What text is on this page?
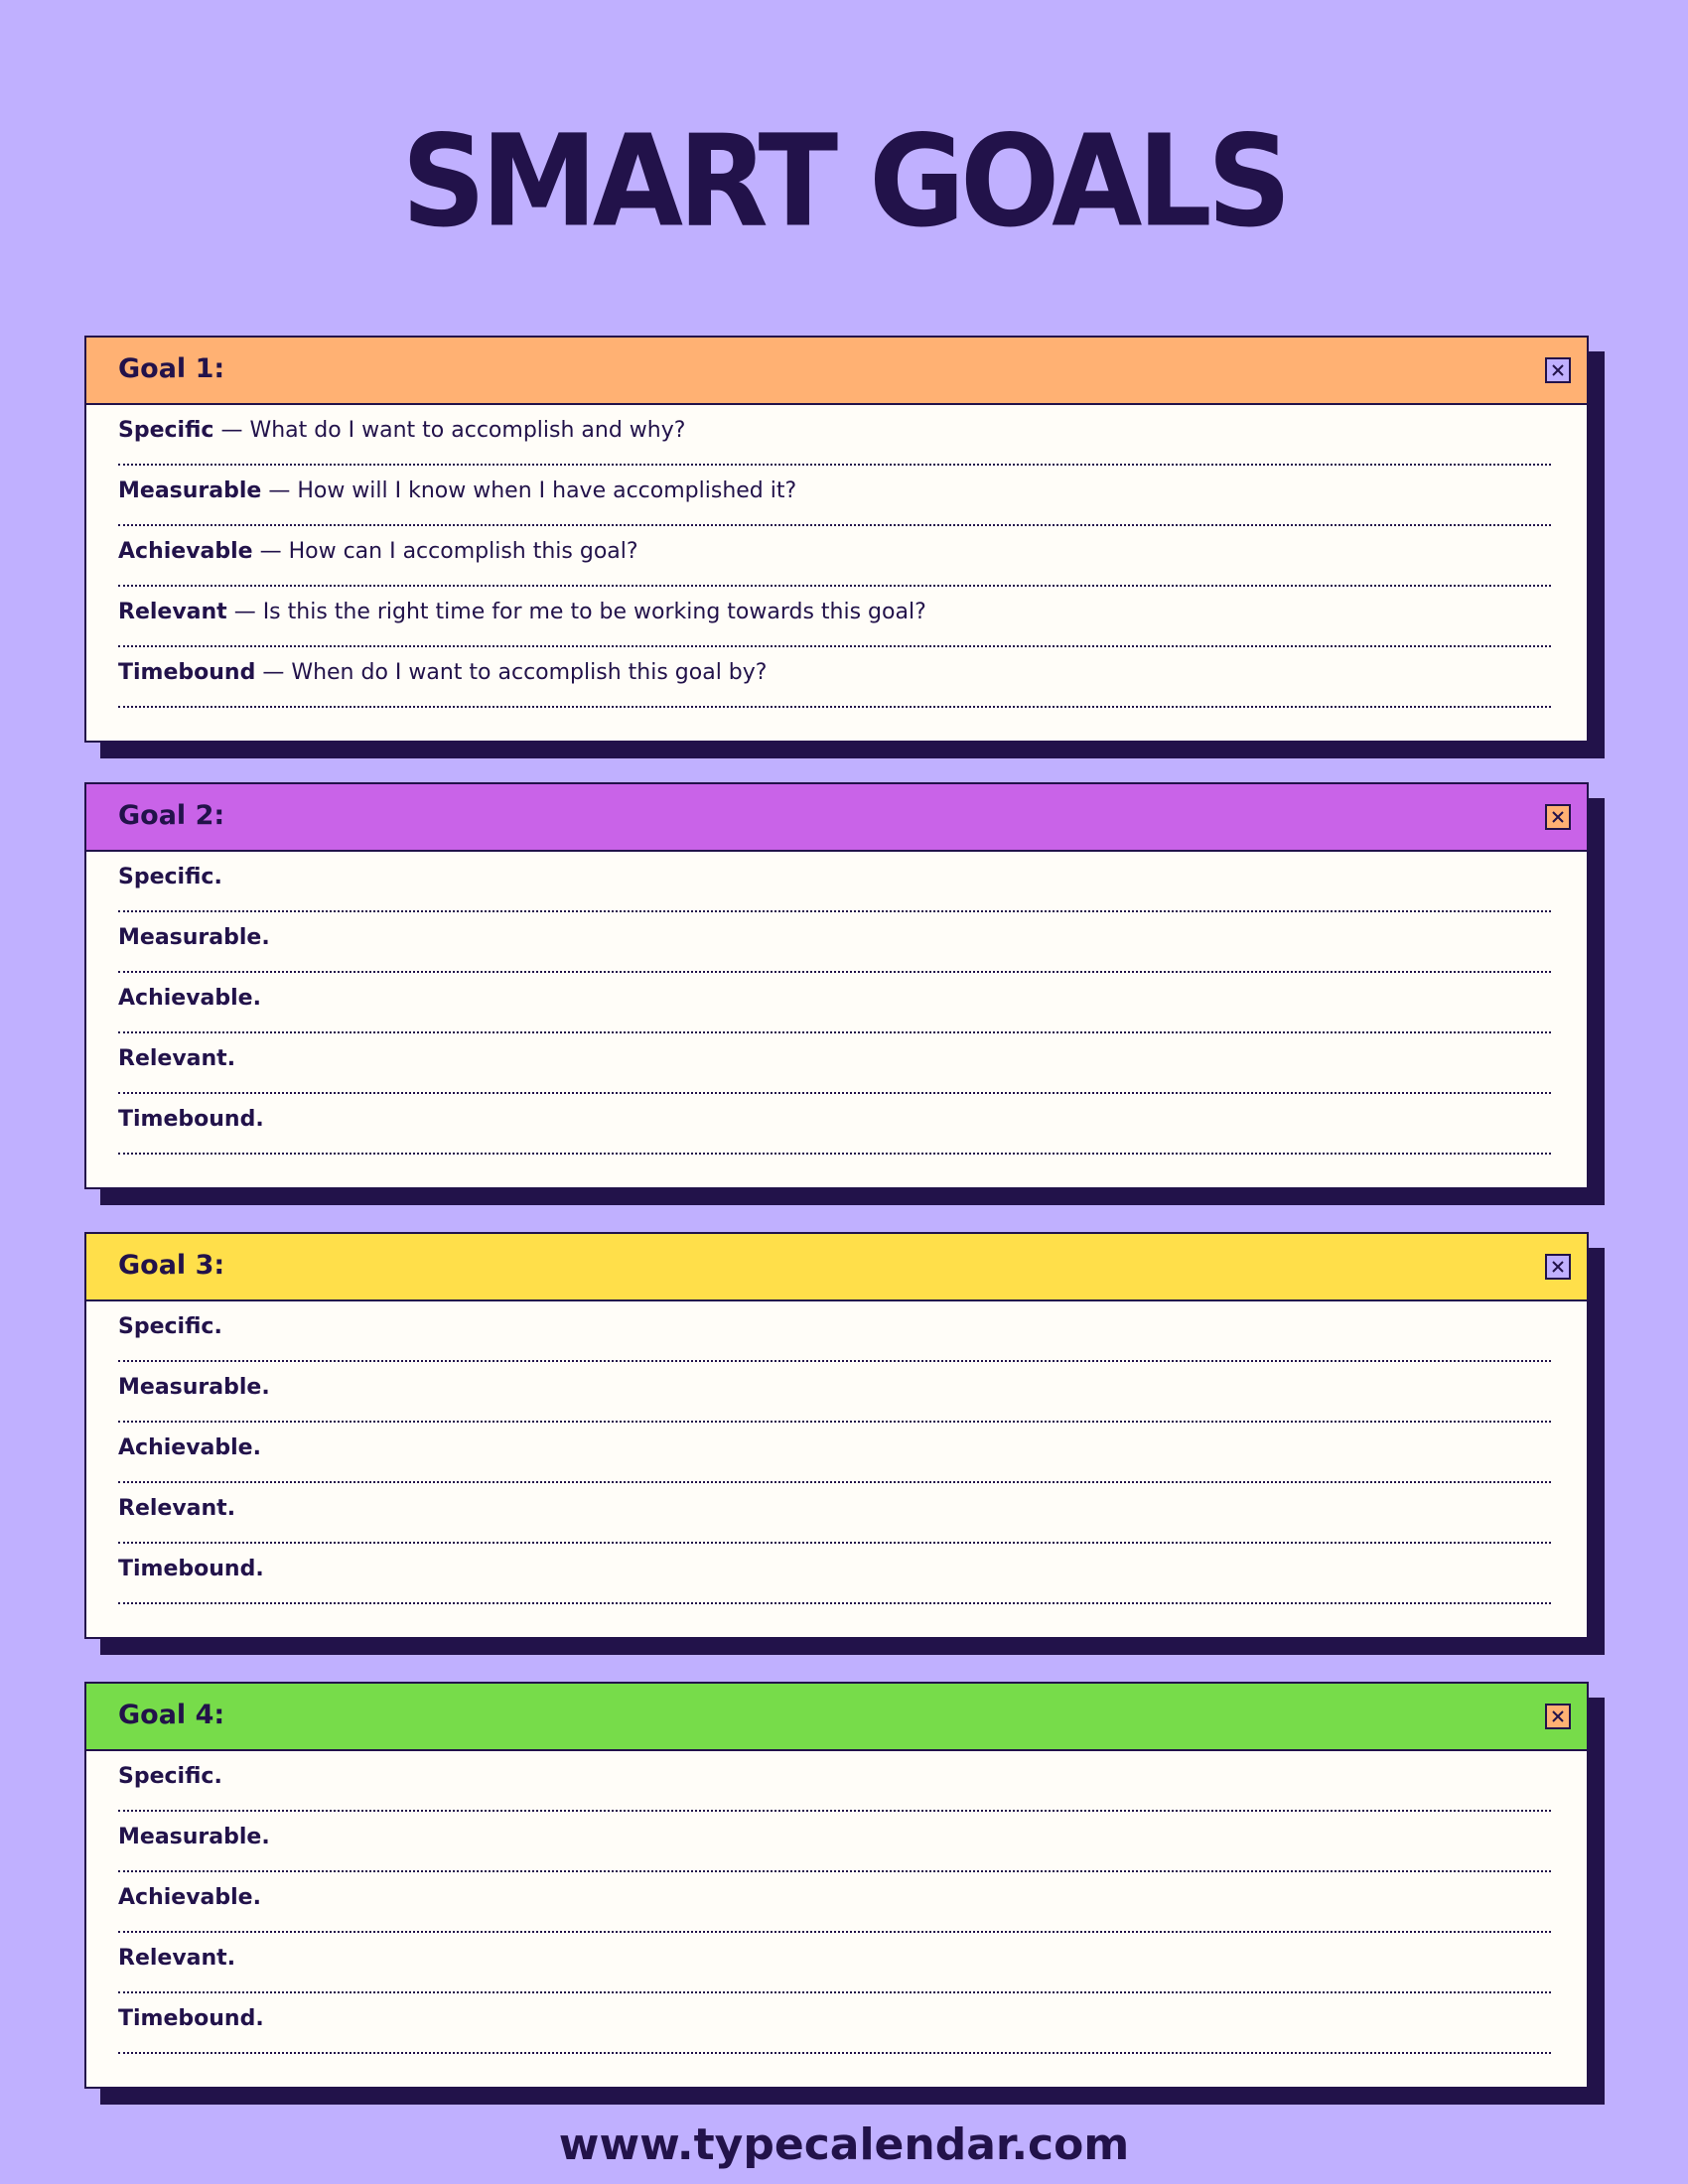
SMART GOALS
Goal 1:
Specific — What do I want to accomplish and why?
Measurable — How will I know when I have accomplished it?
Achievable — How can I accomplish this goal?
Relevant — Is this the right time for me to be working towards this goal?
Timebound — When do I want to accomplish this goal by?
Goal 2:
Specific.
Measurable.
Achievable.
Relevant.
Timebound.
Goal 3:
Specific.
Measurable.
Achievable.
Relevant.
Timebound.
Goal 4:
Specific.
Measurable.
Achievable.
Relevant.
Timebound.
www.typecalendar.com
